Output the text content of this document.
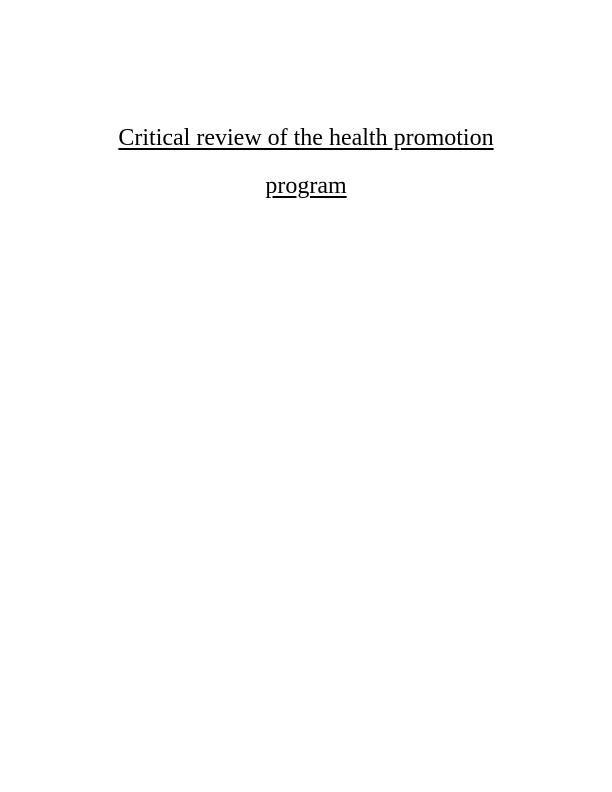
Critical review of the health promotion
program
